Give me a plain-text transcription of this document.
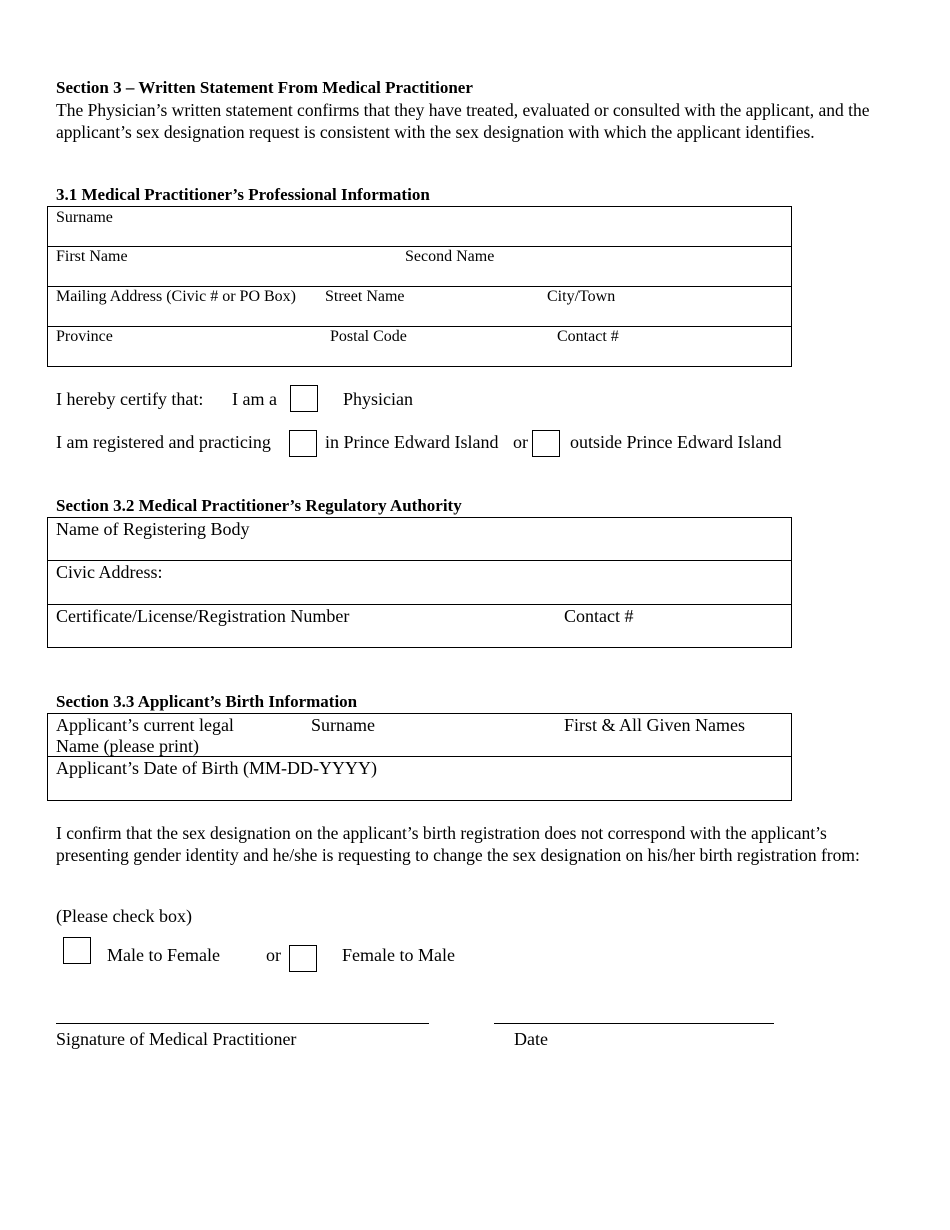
Section 3 – Written Statement From Medical Practitioner
The Physician’s written statement confirms that they have treated, evaluated or consulted with the applicant, and the applicant’s sex designation request is consistent with the sex designation with which the applicant identifies.
3.1 Medical Practitioner’s Professional Information
Surname
First Name	Second Name
Mailing Address (Civic # or PO Box) Street Name	City/Town
Province	Postal Code	Contact #
I hereby certify that: I am a	Physician
I am registered and practicing	in Prince Edward Island or outside Prince Edward Island
Section 3.2 Medical Practitioner’s Regulatory Authority
Name of Registering Body
Civic Address:
Certificate/License/Registration Number	Contact #
Section 3.3 Applicant’s Birth Information
Applicant’s current legal
Name (please print)
Surname	First & All Given Names
Applicant’s Date of Birth (MM-DD-YYYY)
I confirm that the sex designation on the applicant’s birth registration does not correspond with the applicant’s presenting gender identity and he/she is requesting to change the sex designation on his/her birth registration from:
(Please check box)
Male to Female	or	Female to Male
Signature of Medical Practitioner	Date
